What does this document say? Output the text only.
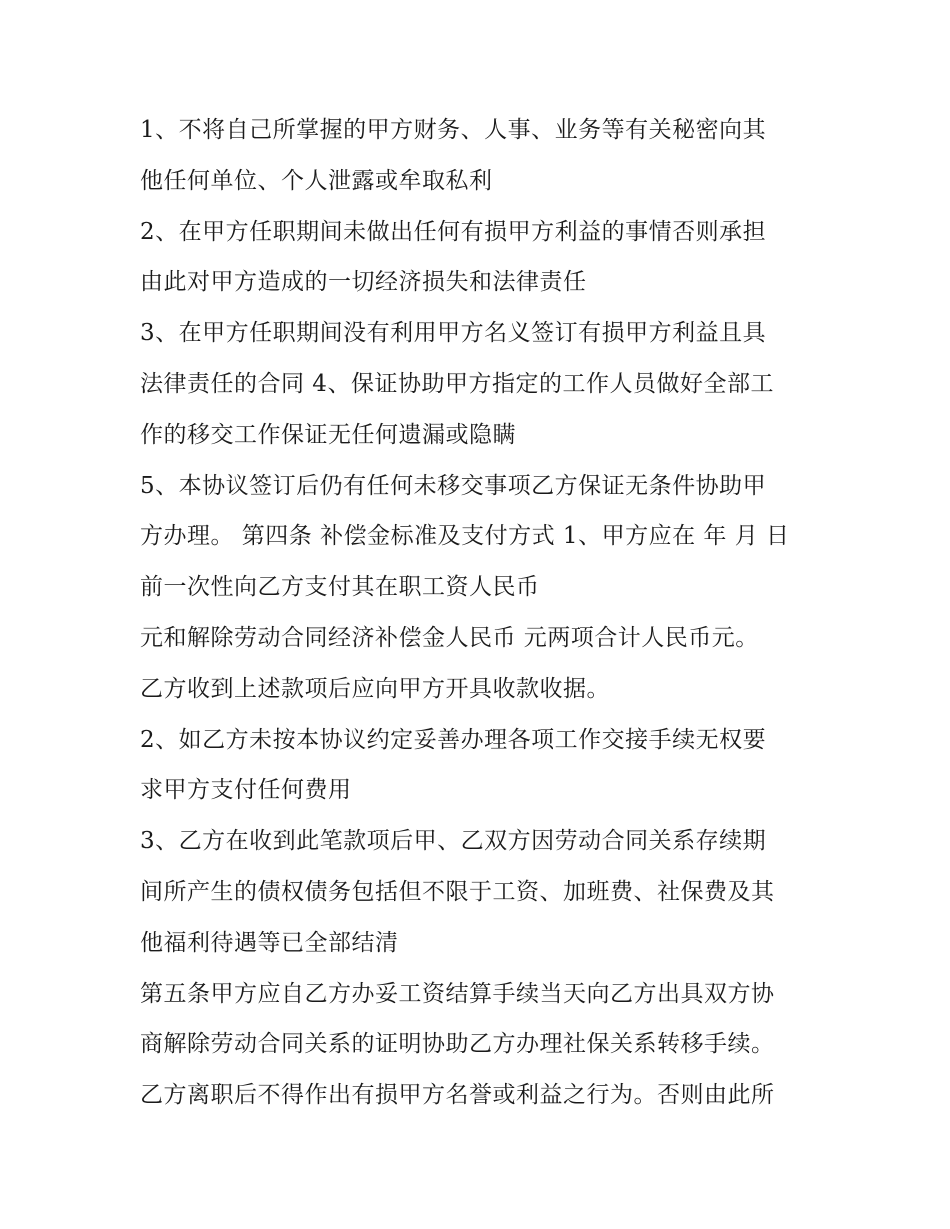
1、不将自己所掌握的甲方财务、人事、业务等有关秘密向其
他任何单位、个人泄露或牟取私利
2、在甲方任职期间未做出任何有损甲方利益的事情否则承担
由此对甲方造成的一切经济损失和法律责任
3、在甲方任职期间没有利用甲方名义签订有损甲方利益且具
法律责任的合同 4、保证协助甲方指定的工作人员做好全部工
作的移交工作保证无任何遗漏或隐瞒
5、本协议签订后仍有任何未移交事项乙方保证无条件协助甲
方办理。 第四条 补偿金标准及支付方式 1、甲方应在 年 月 日
前一次性向乙方支付其在职工资人民币
元和解除劳动合同经济补偿金人民币 元两项合计人民币元。
乙方收到上述款项后应向甲方开具收款收据。
2、如乙方未按本协议约定妥善办理各项工作交接手续无权要
求甲方支付任何费用
3、乙方在收到此笔款项后甲、乙双方因劳动合同关系存续期
间所产生的债权债务包括但不限于工资、加班费、社保费及其
他福利待遇等已全部结清
第五条甲方应自乙方办妥工资结算手续当天向乙方出具双方协
商解除劳动合同关系的证明协助乙方办理社保关系转移手续。
乙方离职后不得作出有损甲方名誉或利益之行为。否则由此所
